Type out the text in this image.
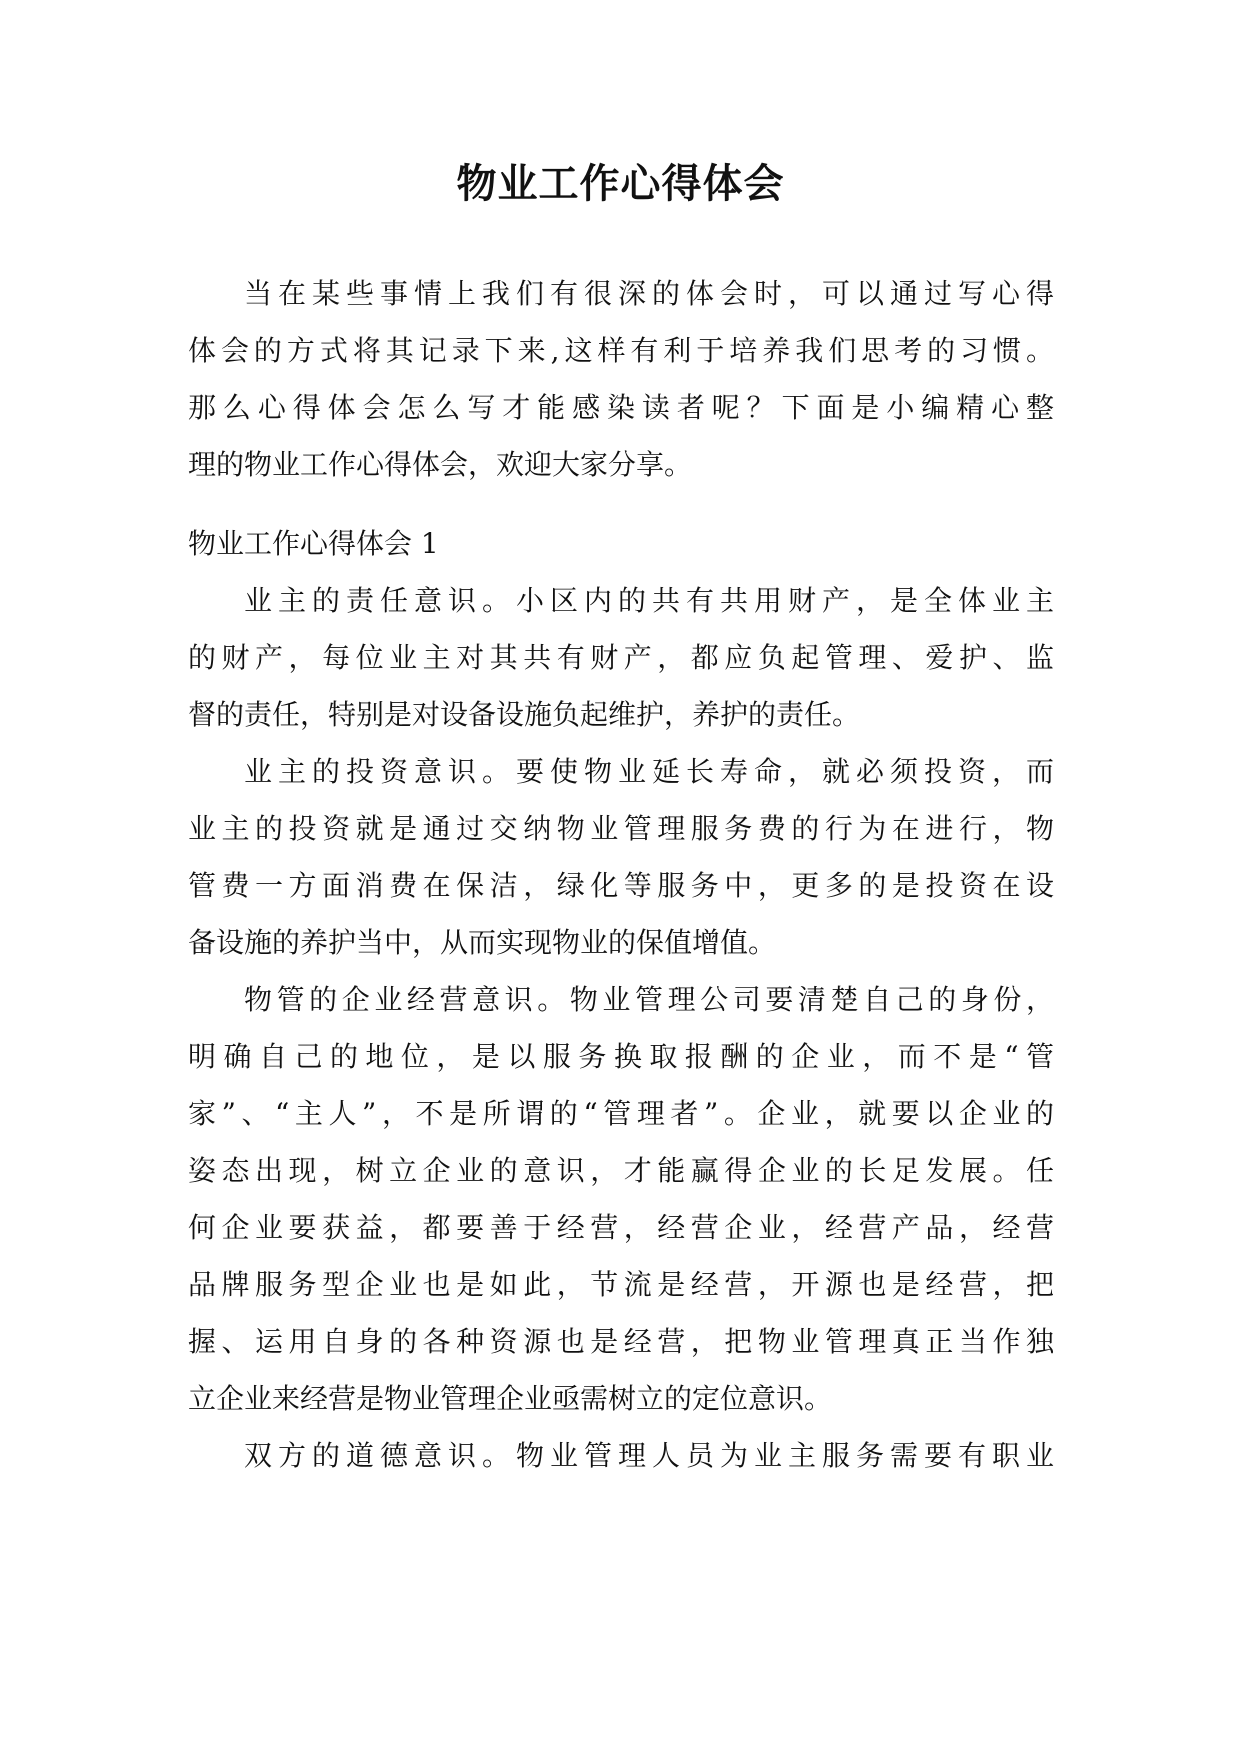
物业工作心得体会
当在某些事情上我们有很深的体会时，可以通过写心得
体会的方式将其记录下来,这样有利于培养我们思考的习惯。
那么心得体会怎么写才能感染读者呢？下面是小编精心整
理的物业工作心得体会，欢迎大家分享。
物业工作心得体会 1
业主的责任意识。小区内的共有共用财产，是全体业主
的财产，每位业主对其共有财产，都应负起管理、爱护、监
督的责任，特别是对设备设施负起维护，养护的责任。
业主的投资意识。要使物业延长寿命，就必须投资，而
业主的投资就是通过交纳物业管理服务费的行为在进行，物
管费一方面消费在保洁，绿化等服务中，更多的是投资在设
备设施的养护当中，从而实现物业的保值增值。
物管的企业经营意识。物业管理公司要清楚自己的身份，
明确自己的地位，是以服务换取报酬的企业，而不是“管
家”、“主人”，不是所谓的“管理者”。企业，就要以企业的
姿态出现，树立企业的意识，才能赢得企业的长足发展。任
何企业要获益，都要善于经营，经营企业，经营产品，经营
品牌服务型企业也是如此，节流是经营，开源也是经营，把
握、运用自身的各种资源也是经营，把物业管理真正当作独
立企业来经营是物业管理企业亟需树立的定位意识。
双方的道德意识。物业管理人员为业主服务需要有职业
